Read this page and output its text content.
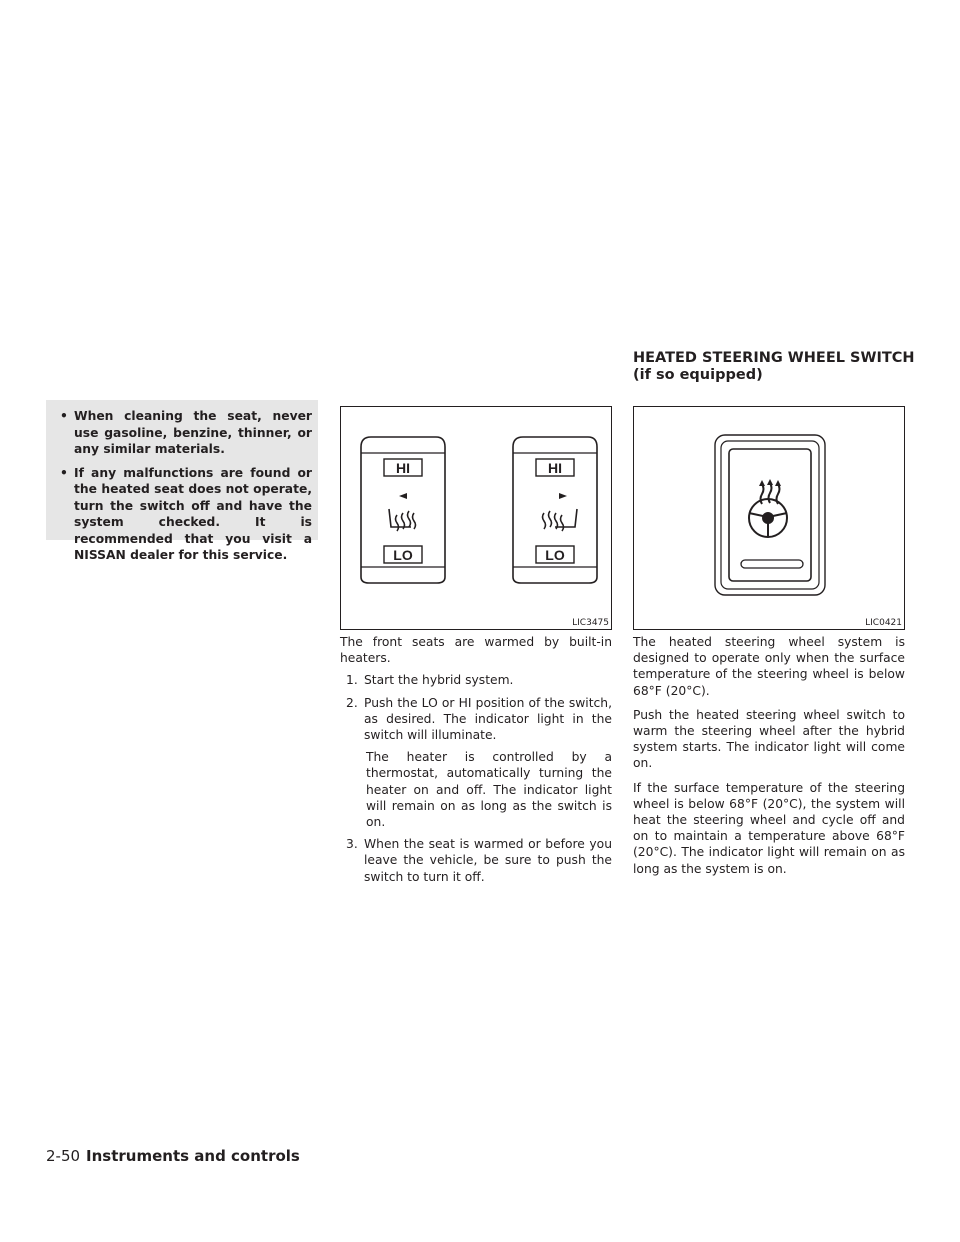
• When cleaning the seat, never use gasoline, benzine, thinner, or any similar materials.
• If any malfunctions are found or the heated seat does not operate, turn the switch off and have the system checked. It is recommended that you visit a NISSAN dealer for this service.
HEATED STEERING WHEEL SWITCH (if so equipped)
HI
LO
HI
LO
LIC3475	LIC0421

The front seats are warmed by built-in heaters.

1. Start the hybrid system.
2. Push the LO or HI position of the switch, as desired. The indicator light in the switch will illuminate.
The heater is controlled by a thermostat, automatically turning the heater on and off. The indicator light will remain on as long as the switch is on.
3. When the seat is warmed or before you leave the vehicle, be sure to push the switch to turn it off.

The heated steering wheel system is designed to operate only when the surface temperature of the steering wheel is below 68°F (20°C).

Push the heated steering wheel switch to warm the steering wheel after the hybrid system starts. The indicator light will come on.

If the surface temperature of the steering wheel is below 68°F (20°C), the system will heat the steering wheel and cycle off and on to maintain a temperature above 68°F (20°C). The indicator light will remain on as long as the system is on.

2-50 Instruments and controls
